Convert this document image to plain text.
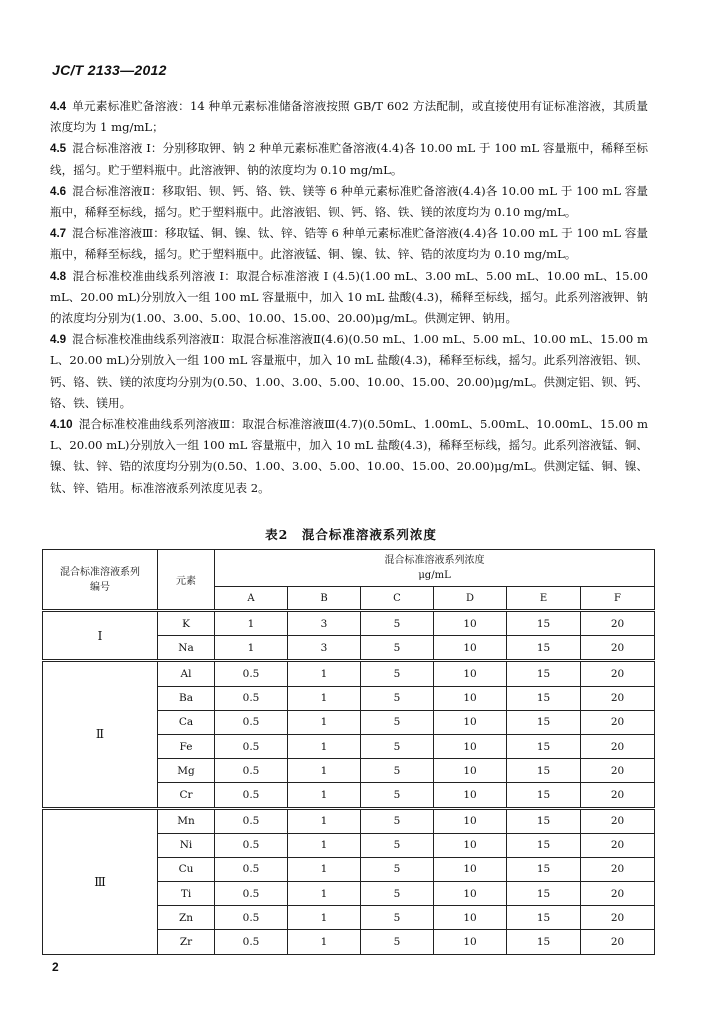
JC/T 2133—2012

4.4 单元素标准贮备溶液：14 种单元素标准储备溶液按照 GB/T 602 方法配制，或直接使用有证标准溶液，其质量浓度均为 1 mg/mL；

4.5 混合标准溶液 Ⅰ：分别移取钾、钠 2 种单元素标准贮备溶液(4.4)各 10.00 mL 于 100 mL 容量瓶中，稀释至标线，摇匀。贮于塑料瓶中。此溶液钾、钠的浓度均为 0.10 mg/mL。

4.6 混合标准溶液Ⅱ：移取铝、钡、钙、铬、铁、镁等 6 种单元素标准贮备溶液(4.4)各 10.00 mL 于 100 mL 容量瓶中，稀释至标线，摇匀。贮于塑料瓶中。此溶液铝、钡、钙、铬、铁、镁的浓度均为 0.10 mg/mL。

4.7 混合标准溶液Ⅲ：移取锰、铜、镍、钛、锌、锆等 6 种单元素标准贮备溶液(4.4)各 10.00 mL 于 100 mL 容量瓶中，稀释至标线，摇匀。贮于塑料瓶中。此溶液锰、铜、镍、钛、锌、锆的浓度均为 0.10 mg/mL。

4.8 混合标准校准曲线系列溶液 Ⅰ：取混合标准溶液 Ⅰ (4.5)(1.00 mL、3.00 mL、5.00 mL、10.00 mL、15.00 mL、20.00 mL)分别放入一组 100 mL 容量瓶中，加入 10 mL 盐酸(4.3)，稀释至标线，摇匀。此系列溶液钾、钠的浓度均分别为(1.00、3.00、5.00、10.00、15.00、20.00)μg/mL。供测定钾、钠用。

4.9 混合标准校准曲线系列溶液Ⅱ：取混合标准溶液Ⅱ(4.6)(0.50 mL、1.00 mL、5.00 mL、10.00 mL、15.00 mL、20.00 mL)分别放入一组 100 mL 容量瓶中，加入 10 mL 盐酸(4.3)，稀释至标线，摇匀。此系列溶液铝、钡、钙、铬、铁、镁的浓度均分别为(0.50、1.00、3.00、5.00、10.00、15.00、20.00)μg/mL。供测定铝、钡、钙、铬、铁、镁用。

4.10 混合标准校准曲线系列溶液Ⅲ：取混合标准溶液Ⅲ(4.7)(0.50mL、1.00mL、5.00mL、10.00mL、15.00 mL、20.00 mL)分别放入一组 100 mL 容量瓶中，加入 10 mL 盐酸(4.3)，稀释至标线，摇匀。此系列溶液锰、铜、镍、钛、锌、锆的浓度均分别为(0.50、1.00、3.00、5.00、10.00、15.00、20.00)μg/mL。供测定锰、铜、镍、钛、锌、锆用。标准溶液系列浓度见表 2。

表2　混合标准溶液系列浓度
混合标准溶液系列编号	元素	混合标准溶液系列浓度
μg/mL					

		A	B	C	D	E	F
Ⅰ	K	1	3	5	10	15	20
	Na	1	3	5	10	15	20
Ⅱ	Al	0.5	1	5	10	15	20
	Ba	0.5	1	5	10	15	20
	Ca	0.5	1	5	10	15	20
	Fe	0.5	1	5	10	15	20
	Mg	0.5	1	5	10	15	20
	Cr	0.5	1	5	10	15	20
Ⅲ	Mn	0.5	1	5	10	15	20
	Ni	0.5	1	5	10	15	20
	Cu	0.5	1	5	10	15	20
	Ti	0.5	1	5	10	15	20
	Zn	0.5	1	5	10	15	20
	Zr	0.5	1	5	10	15	20
2
